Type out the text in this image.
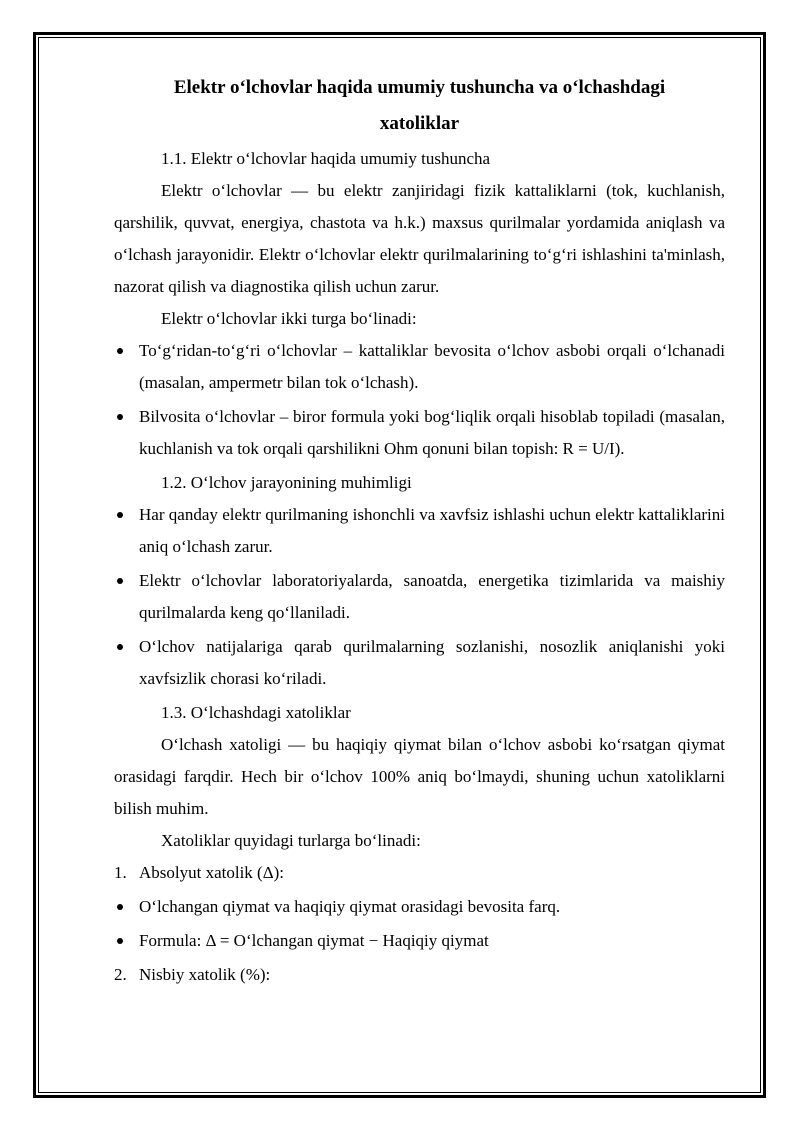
Elektr o‘lchovlar haqida umumiy tushuncha va o‘lchashdagi
xatoliklar

1.1. Elektr o‘lchovlar haqida umumiy tushuncha

Elektr o‘lchovlar — bu elektr zanjiridagi fizik kattaliklarni (tok, kuchlanish, qarshilik, quvvat, energiya, chastota va h.k.) maxsus qurilmalar yordamida aniqlash va o‘lchash jarayonidir. Elektr o‘lchovlar elektr qurilmalarining to‘g‘ri ishlashini ta'minlash, nazorat qilish va diagnostika qilish uchun zarur.

Elektr o‘lchovlar ikki turga bo‘linadi:

To‘g‘ridan-to‘g‘ri o‘lchovlar – kattaliklar bevosita o‘lchov asbobi orqali o‘lchanadi (masalan, ampermetr bilan tok o‘lchash).
Bilvosita o‘lchovlar – biror formula yoki bog‘liqlik orqali hisoblab topiladi (masalan, kuchlanish va tok orqali qarshilikni Ohm qonuni bilan topish: R = U/I).

1.2. O‘lchov jarayonining muhimligi

Har qanday elektr qurilmaning ishonchli va xavfsiz ishlashi uchun elektr kattaliklarini aniq o‘lchash zarur.
Elektr o‘lchovlar laboratoriyalarda, sanoatda, energetika tizimlarida va maishiy qurilmalarda keng qo‘llaniladi.
O‘lchov natijalariga qarab qurilmalarning sozlanishi, nosozlik aniqlanishi yoki xavfsizlik chorasi ko‘riladi.

1.3. O‘lchashdagi xatoliklar

O‘lchash xatoligi — bu haqiqiy qiymat bilan o‘lchov asbobi ko‘rsatgan qiymat orasidagi farqdir. Hech bir o‘lchov 100% aniq bo‘lmaydi, shuning uchun xatoliklarni bilish muhim.

Xatoliklar quyidagi turlarga bo‘linadi:

1. Absolyut xatolik (Δ):
O‘lchangan qiymat va haqiqiy qiymat orasidagi bevosita farq.
Formula: Δ = O‘lchangan qiymat − Haqiqiy qiymat
2. Nisbiy xatolik (%):
